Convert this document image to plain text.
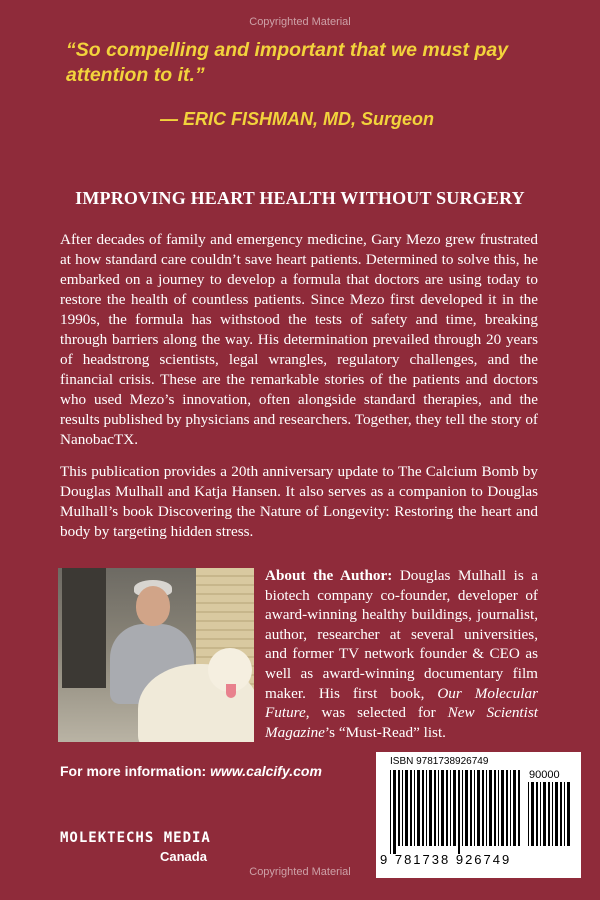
Copyrighted Material
“So compelling and important that we must pay attention to it.”
— ERIC FISHMAN, MD, Surgeon
IMPROVING HEART HEALTH WITHOUT SURGERY

After decades of family and emergency medicine, Gary Mezo grew frustrated at how standard care couldn’t save heart patients. Determined to solve this, he embarked on a journey to develop a formula that doctors are using today to restore the health of countless patients. Since Mezo first developed it in the 1990s, the formula has withstood the tests of safety and time, breaking through barriers along the way. His determination prevailed through 20 years of headstrong scientists, legal wrangles, regulatory challenges, and the financial crisis. These are the remarkable stories of the patients and doctors who used Mezo’s innovation, often alongside standard therapies, and the results published by physicians and researchers. Together, they tell the story of NanobacTX.

This publication provides a 20th anniversary update to The Calcium Bomb by Douglas Mulhall and Katja Hansen. It also serves as a companion to Douglas Mulhall’s book Discovering the Nature of Longevity: Restoring the heart and body by targeting hidden stress.

About the Author: Douglas Mulhall is a biotech company co-founder, developer of award-winning healthy buildings, journalist, author, researcher at several universities, and former TV network founder & CEO as well as award-winning documentary film maker. His first book, Our Molecular Future, was selected for New Scientist Magazine’s “Must-Read” list.

For more information: www.calcify.com
MOLEKTECHS MEDIA
Canada
ISBN 9781738926749
90000
9 781738 926749
Copyrighted Material
